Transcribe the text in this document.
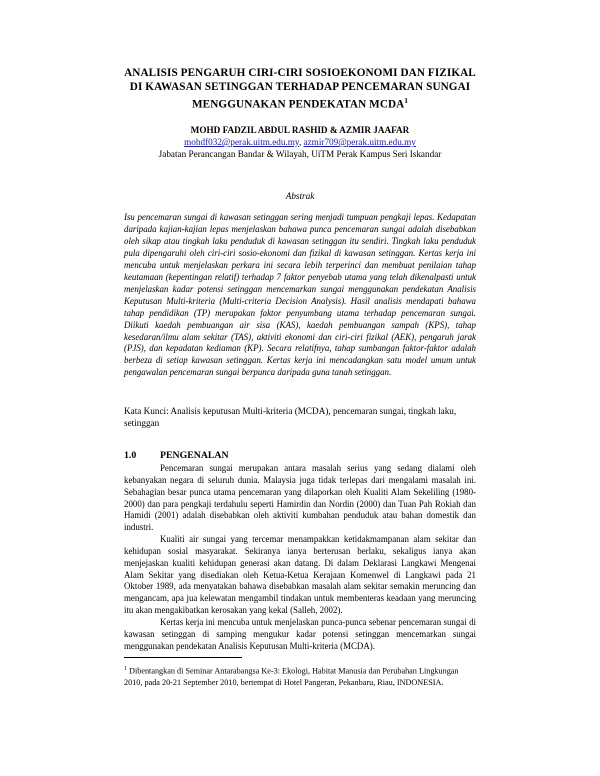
ANALISIS PENGARUH CIRI-CIRI SOSIOEKONOMI DAN FIZIKAL
DI KAWASAN SETINGGAN TERHADAP PENCEMARAN SUNGAI
MENGGUNAKAN PENDEKATAN MCDA$^1$
MOHD FADZIL ABDUL RASHID & AZMIR JAAFAR
mohdf032@perak.uitm.edu.my, azmir709@perak.uitm.edu.my
Jabatan Perancangan Bandar & Wilayah, UiTM Perak Kampus Seri Iskandar
Abstrak

Isu pencemaran sungai di kawasan setinggan sering menjadi tumpuan pengkaji lepas. Kedapatan daripada kajian-kajian lepas menjelaskan bahawa punca pencemaran sungai adalah disebabkan oleh sikap atau tingkah laku penduduk di kawasan setinggan itu sendiri. Tingkah laku penduduk pula dipengaruhi oleh ciri-ciri sosio-ekonomi dan fizikal di kawasan setinggan. Kertas kerja ini mencuba untuk menjelaskan perkara ini secara lebih terperinci dan membuat penilaian tahap keutamaan (kepentingan relatif) terhadap 7 faktor penyebab utama yang telah dikenalpasti untuk menjelaskan kadar potensi setinggan mencemarkan sungai menggunakan pendekatan Analisis Keputusan Multi-kriteria (Multi-criteria Decision Analysis). Hasil analisis mendapati bahawa tahap pendidikan (TP) merupakan faktor penyumbang utama terhadap pencemaran sungai. Diikuti kaedah pembuangan air sisa (KAS), kaedah pembuangan sampah (KPS), tahap kesedaran/ilmu alam sekitar (TAS), aktiviti ekonomi dan ciri-ciri fizikal (AEK), pengaruh jarak (PJS), dan kepadatan kediaman (KP). Secara relatifnya, tahap sumbangan faktor-faktor adalah berbeza di setiap kawasan setinggan. Kertas kerja ini mencadangkan satu model umum untuk pengawalan pencemaran sungai berpunca daripada guna tanah setinggan.

Kata Kunci: Analisis keputusan Multi-kriteria (MCDA), pencemaran sungai, tingkah laku, setinggan

1.0 PENGENALAN

Pencemaran sungai merupakan antara masalah serius yang sedang dialami oleh kebanyakan negara di seluruh dunia. Malaysia juga tidak terlepas dari mengalami masalah ini. Sebahagian besar punca utama pencemaran yang dilaporkan oleh Kualiti Alam Sekeliling (1980-2000) dan para pengkaji terdahulu seperti Hamirdin dan Nordin (2000) dan Tuan Pah Rokiah dan Hamidi (2001) adalah disebabkan oleh aktiviti kumbahan penduduk atau bahan domestik dan industri.

Kualiti air sungai yang tercemar menampakkan ketidakmampanan alam sekitar dan kehidupan sosial masyarakat. Sekiranya ianya berterusan berlaku, sekaligus ianya akan menjejaskan kualiti kehidupan generasi akan datang. Di dalam Deklarasi Langkawi Mengenai Alam Sekitar yang disediakan oleh Ketua-Ketua Kerajaan Komenwel di Langkawi pada 21 Oktober 1989, ada menyatakan bahawa disebabkan masalah alam sekitar semakin meruncing dan mengancam, apa jua kelewatan mengambil tindakan untuk membenteras keadaan yang meruncing itu akan mengakibatkan kerosakan yang kekal (Salleh, 2002).

Kertas kerja ini mencuba untuk menjelaskan punca-punca sebenar pencemaran sungai di kawasan setinggan di samping mengukur kadar potensi setinggan mencemarkan sungai menggunakan pendekatan Analisis Keputusan Multi-kriteria (MCDA).

$^1$ Dibentangkan di Seminar Antarabangsa Ke-3: Ekologi, Habitat Manusia dan Perubahan Lingkungan 2010, pada 20-21 September 2010, bertempat di Hotel Pangeran, Pekanbaru, Riau, INDONESIA.
